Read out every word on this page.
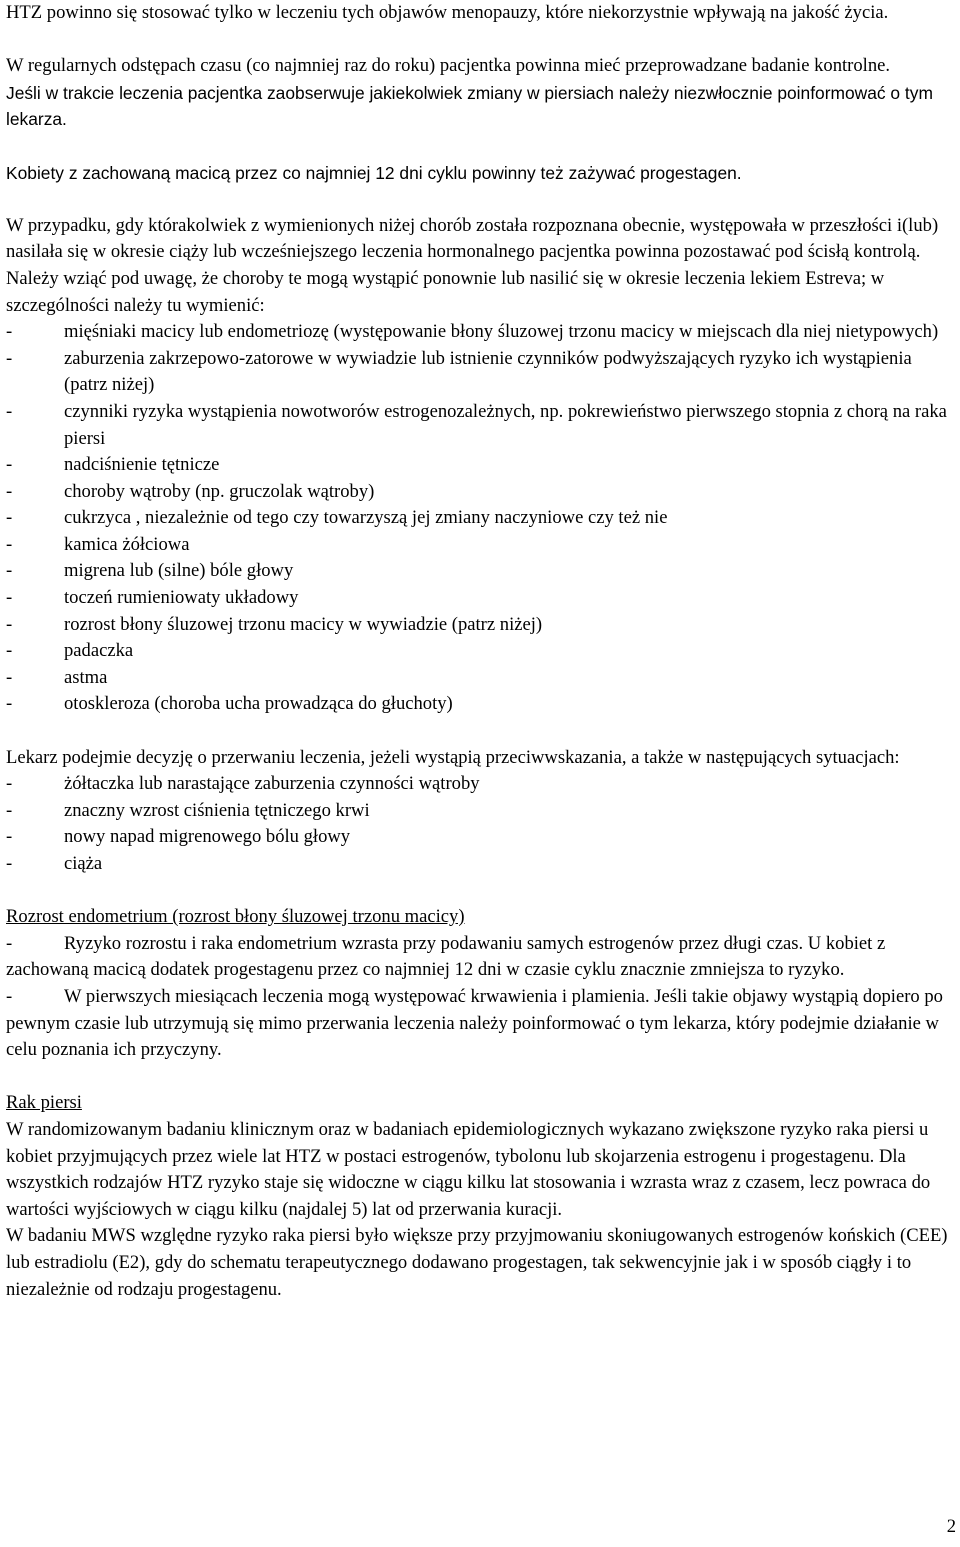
HTZ powinno się stosować tylko w leczeniu tych objawów menopauzy, które niekorzystnie wpływają na jakość życia.

W regularnych odstępach czasu (co najmniej raz do roku) pacjentka powinna mieć przeprowadzane badanie kontrolne.

Jeśli w trakcie leczenia pacjentka zaobserwuje jakiekolwiek zmiany w piersiach należy niezwłocznie poinformować o tym lekarza.

Kobiety z zachowaną macicą przez co najmniej 12 dni cyklu powinny też zażywać progestagen.

W przypadku, gdy którakolwiek z wymienionych niżej chorób została rozpoznana obecnie, występowała w przeszłości i(lub) nasilała się w okresie ciąży lub wcześniejszego leczenia hormonalnego pacjentka powinna pozostawać pod ścisłą kontrolą. Należy wziąć pod uwagę, że choroby te mogą wystąpić ponownie lub nasilić się w okresie leczenia lekiem Estreva; w szczególności należy tu wymienić:

- mięśniaki macicy lub endometriozę (występowanie błony śluzowej trzonu macicy w miejscach dla niej nietypowych)
- zaburzenia zakrzepowo-zatorowe w wywiadzie lub istnienie czynników podwyższających ryzyko ich wystąpienia (patrz niżej)
- czynniki ryzyka wystąpienia nowotworów estrogenozależnych, np. pokrewieństwo pierwszego stopnia z chorą na raka piersi
- nadciśnienie tętnicze
- choroby wątroby (np. gruczolak wątroby)
- cukrzyca , niezależnie od tego czy towarzyszą jej zmiany naczyniowe czy też nie
- kamica żółciowa
- migrena lub (silne) bóle głowy
- toczeń rumieniowaty układowy
- rozrost błony śluzowej trzonu macicy w wywiadzie (patrz niżej)
- padaczka
- astma
- otoskleroza (choroba ucha prowadząca do głuchoty)

Lekarz podejmie decyzję o przerwaniu leczenia, jeżeli wystąpią przeciwwskazania, a także w następujących sytuacjach:

- żółtaczka lub narastające zaburzenia czynności wątroby
- znaczny wzrost ciśnienia tętniczego krwi
- nowy napad migrenowego bólu głowy
- ciąża

Rozrost endometrium (rozrost błony śluzowej trzonu macicy)

-	Ryzyko rozrostu i raka endometrium wzrasta przy podawaniu samych estrogenów przez długi czas. U kobiet z zachowaną macicą dodatek progestagenu przez co najmniej 12 dni w czasie cyklu znacznie zmniejsza to ryzyko.

-	W pierwszych miesiącach leczenia mogą występować krwawienia i plamienia. Jeśli takie objawy wystąpią dopiero po pewnym czasie lub utrzymują się mimo przerwania leczenia należy poinformować o tym lekarza, który podejmie działanie w celu poznania ich przyczyny.

Rak piersi

W randomizowanym badaniu klinicznym oraz w badaniach epidemiologicznych wykazano zwiększone ryzyko raka piersi u kobiet przyjmujących przez wiele lat HTZ w postaci estrogenów, tybolonu lub skojarzenia estrogenu i progestagenu. Dla wszystkich rodzajów HTZ ryzyko staje się widoczne w ciągu kilku lat stosowania i wzrasta wraz z czasem, lecz powraca do wartości wyjściowych w ciągu kilku (najdalej 5) lat od przerwania kuracji.

W badaniu MWS względne ryzyko raka piersi było większe przy przyjmowaniu skoniugowanych estrogenów końskich (CEE) lub estradiolu (E2), gdy do schematu terapeutycznego dodawano progestagen, tak sekwencyjnie jak i w sposób ciągły i to niezależnie od rodzaju progestagenu.

2
